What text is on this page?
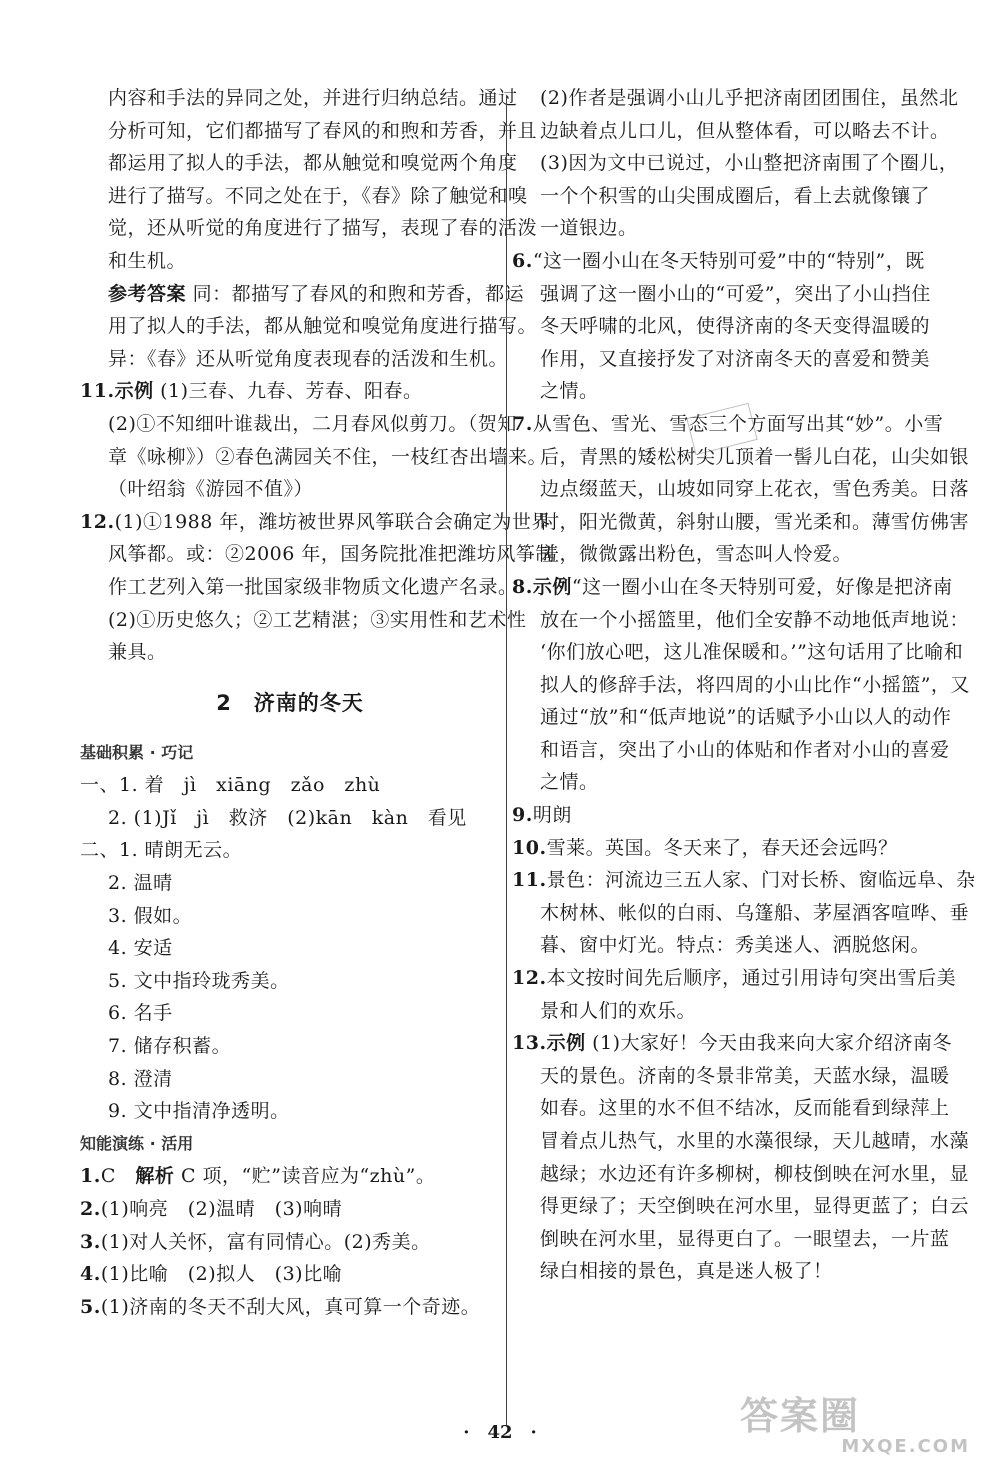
内容和手法的异同之处，并进行归纳总结。通过
分析可知，它们都描写了春风的和煦和芳香，并且
都运用了拟人的手法，都从触觉和嗅觉两个角度
进行了描写。不同之处在于，《春》除了触觉和嗅
觉，还从听觉的角度进行了描写，表现了春的活泼
和生机。
参考答案 同：都描写了春风的和煦和芳香，都运
用了拟人的手法，都从触觉和嗅觉角度进行描写。
异：《春》还从听觉角度表现春的活泼和生机。
11.示例 (1)三春、九春、芳春、阳春。
(2)①不知细叶谁裁出，二月春风似剪刀。（贺知
章《咏柳》）②春色满园关不住，一枝红杏出墙来。
（叶绍翁《游园不值》）
12.(1)①1988 年，潍坊被世界风筝联合会确定为世界
风筝都。或：②2006 年，国务院批准把潍坊风筝制
作工艺列入第一批国家级非物质文化遗产名录。
(2)①历史悠久；②工艺精湛；③实用性和艺术性
兼具。
2　济南的冬天
基础积累 · 巧记
一、1. 着　jì　xiāng　zǎo　zhù
2. (1)Jǐ　jì　救济　(2)kān　kàn　看见
二、1. 晴朗无云。
2. 温晴
3. 假如。
4. 安适
5. 文中指玲珑秀美。
6. 名手
7. 储存积蓄。
8. 澄清
9. 文中指清净透明。
知能演练 · 活用
1.C　解析 C 项，“贮”读音应为“zhù”。
2.(1)响亮　(2)温晴　(3)响晴
3.(1)对人关怀，富有同情心。(2)秀美。
4.(1)比喻　(2)拟人　(3)比喻
5.(1)济南的冬天不刮大风，真可算一个奇迹。
(2)作者是强调小山儿乎把济南团团围住，虽然北
边缺着点儿口儿，但从整体看，可以略去不计。
(3)因为文中已说过，小山整把济南围了个圈儿，
一个个积雪的山尖围成圈后，看上去就像镶了
一道银边。
6.“这一圈小山在冬天特别可爱”中的“特别”，既
强调了这一圈小山的“可爱”，突出了小山挡住
冬天呼啸的北风，使得济南的冬天变得温暖的
作用，又直接抒发了对济南冬天的喜爱和赞美
之情。
7.从雪色、雪光、雪态三个方面写出其“妙”。小雪
后，青黑的矮松树尖儿顶着一髻儿白花，山尖如银
边点缀蓝天，山坡如同穿上花衣，雪色秀美。日落
时，阳光微黄，斜射山腰，雪光柔和。薄雪仿佛害
羞，微微露出粉色，雪态叫人怜爱。
8.示例“这一圈小山在冬天特别可爱，好像是把济南
放在一个小摇篮里，他们全安静不动地低声地说：
‘你们放心吧，这儿准保暖和。’”这句话用了比喻和
拟人的修辞手法，将四周的小山比作“小摇篮”，又
通过“放”和“低声地说”的话赋予小山以人的动作
和语言，突出了小山的体贴和作者对小山的喜爱
之情。
9.明朗
10.雪莱。英国。冬天来了，春天还会远吗？
11.景色：河流边三五人家、门对长桥、窗临远阜、杂
木树林、帐似的白雨、乌篷船、茅屋酒客喧哗、垂
暮、窗中灯光。特点：秀美迷人、洒脱悠闲。
12.本文按时间先后顺序，通过引用诗句突出雪后美
景和人们的欢乐。
13.示例 (1)大家好！今天由我来向大家介绍济南冬
天的景色。济南的冬景非常美，天蓝水绿，温暖
如春。这里的水不但不结冰，反而能看到绿萍上
冒着点儿热气，水里的水藻很绿，天儿越晴，水藻
越绿；水边还有许多柳树，柳枝倒映在河水里，显
得更绿了；天空倒映在河水里，显得更蓝了；白云
倒映在河水里，显得更白了。一眼望去，一片蓝
绿白相接的景色，真是迷人极了！
·　42　·	答案圈
MXQE.COM
